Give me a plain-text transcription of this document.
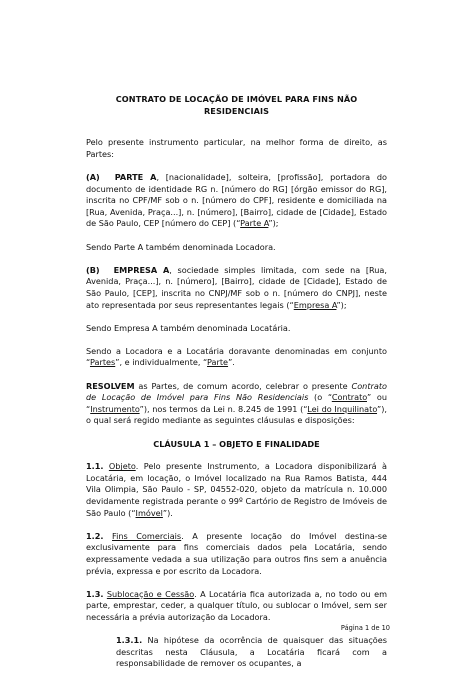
CONTRATO DE LOCAÇÃO DE IMÓVEL PARA FINS NÃO RESIDENCIAIS

Pelo presente instrumento particular, na melhor forma de direito, as Partes:

(A) PARTE A, [nacionalidade], solteira, [profissão], portadora do documento de identidade RG n. [número do RG] [órgão emissor do RG], inscrita no CPF/MF sob o n. [número do CPF], residente e domiciliada na [Rua, Avenida, Praça...], n. [número], [Bairro], cidade de [Cidade], Estado de São Paulo, CEP [número do CEP] (“Parte A”);

Sendo Parte A também denominada Locadora.

(B) EMPRESA A, sociedade simples limitada, com sede na [Rua, Avenida, Praça...], n. [número], [Bairro], cidade de [Cidade], Estado de São Paulo, [CEP], inscrita no CNPJ/MF sob o n. [número do CNPJ], neste ato representada por seus representantes legais (“Empresa A”);

Sendo Empresa A também denominada Locatária.

Sendo a Locadora e a Locatária doravante denominadas em conjunto “Partes”, e individualmente, “Parte”.

RESOLVEM as Partes, de comum acordo, celebrar o presente Contrato de Locação de Imóvel para Fins Não Residenciais (o “Contrato” ou “Instrumento”), nos termos da Lei n. 8.245 de 1991 (“Lei do Inquilinato”), o qual será regido mediante as seguintes cláusulas e disposições:

CLÁUSULA 1 – OBJETO E FINALIDADE

1.1. Objeto. Pelo presente Instrumento, a Locadora disponibilizará à Locatária, em locação, o Imóvel localizado na Rua Ramos Batista, 444 Vila Olimpia, São Paulo - SP, 04552-020, objeto da matrícula n. 10.000 devidamente registrada perante o 99º Cartório de Registro de Imóveis de São Paulo (“Imóvel”).

1.2. Fins Comerciais. A presente locação do Imóvel destina-se exclusivamente para fins comerciais dados pela Locatária, sendo expressamente vedada a sua utilização para outros fins sem a anuência prévia, expressa e por escrito da Locadora.

1.3. Sublocação e Cessão. A Locatária fica autorizada a, no todo ou em parte, emprestar, ceder, a qualquer título, ou sublocar o Imóvel, sem ser necessária a prévia autorização da Locadora.

1.3.1. Na hipótese da ocorrência de quaisquer das situações descritas nesta Cláusula, a Locatária ficará com a responsabilidade de remover os ocupantes, a

Página 1 de 10
